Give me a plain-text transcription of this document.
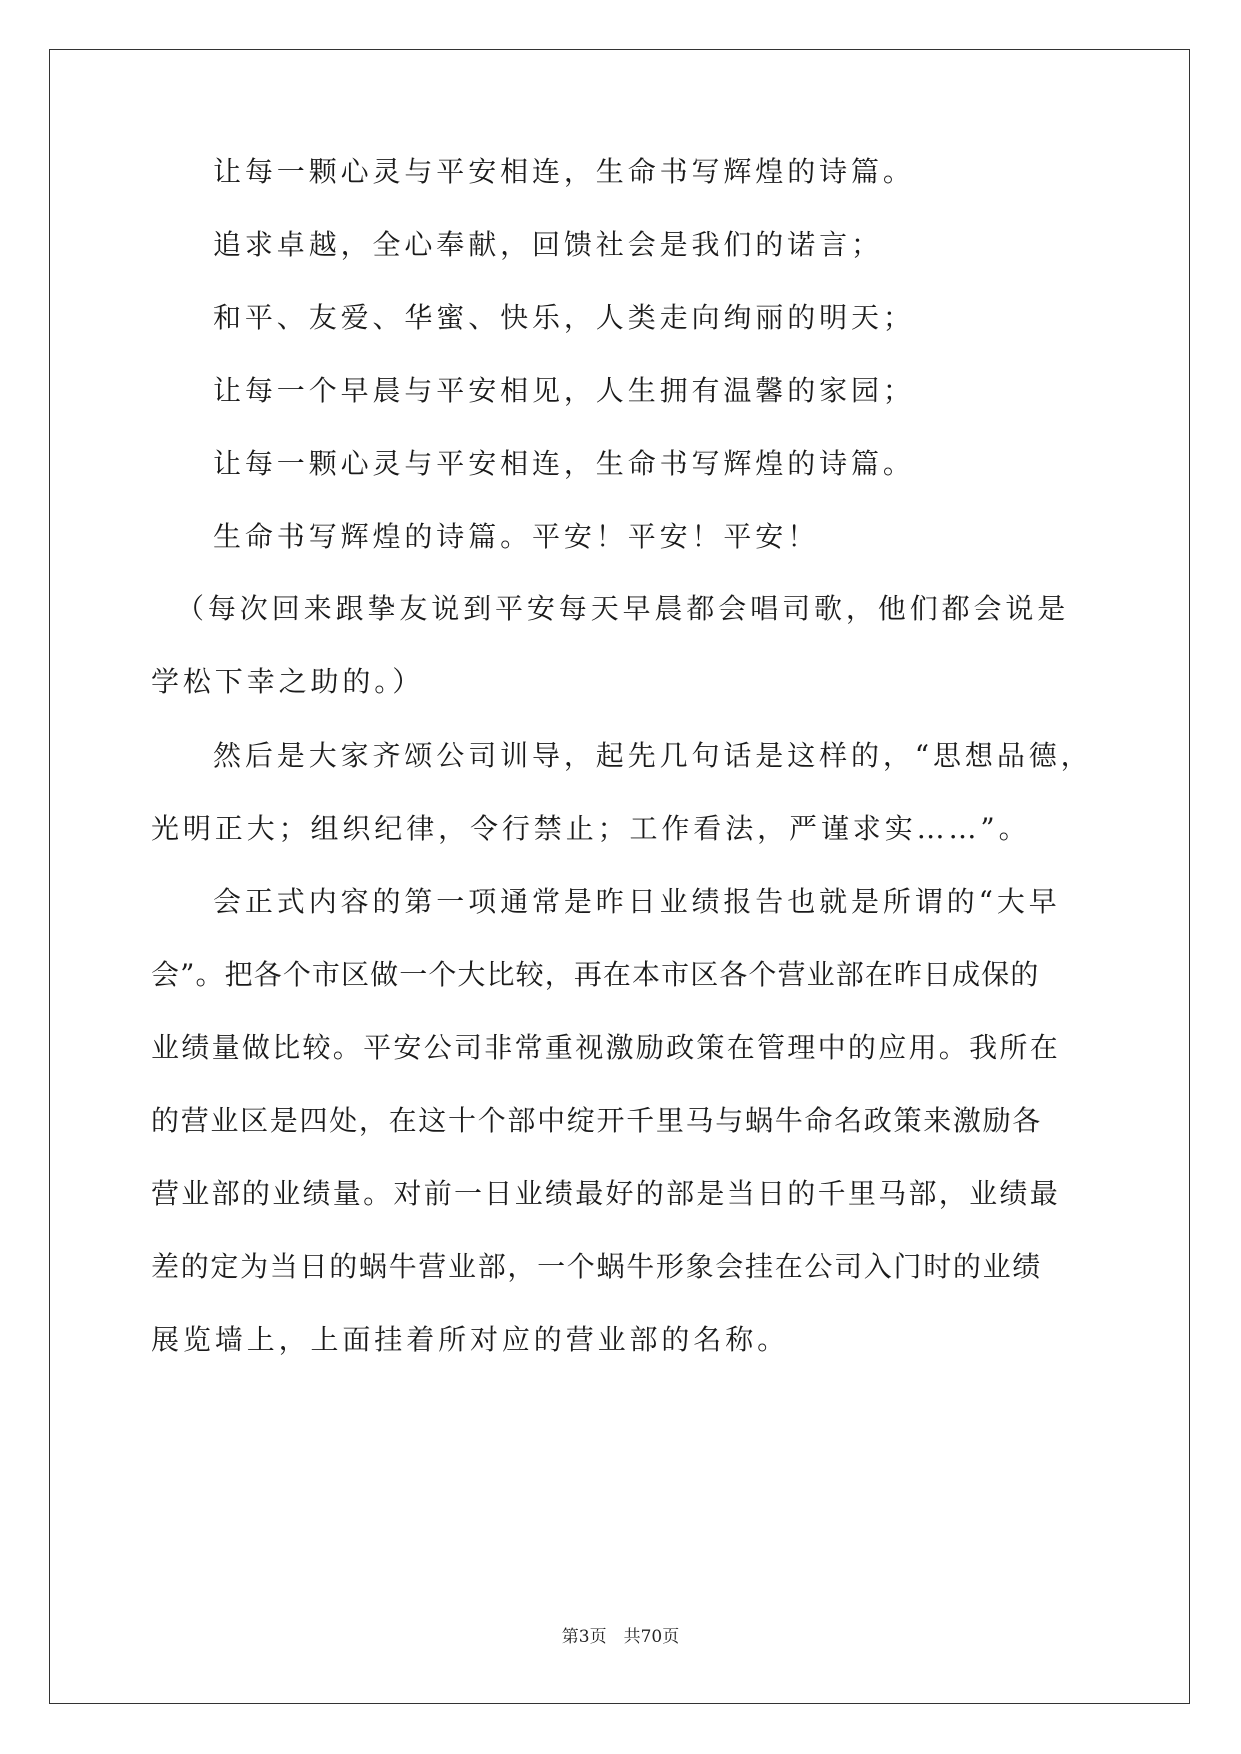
让每一颗心灵与平安相连，生命书写辉煌的诗篇。
追求卓越，全心奉献，回馈社会是我们的诺言；
和平、友爱、华蜜、快乐，人类走向绚丽的明天；
让每一个早晨与平安相见，人生拥有温馨的家园；
让每一颗心灵与平安相连，生命书写辉煌的诗篇。
生命书写辉煌的诗篇。平安！平安！平安！
（每次回来跟挚友说到平安每天早晨都会唱司歌，他们都会说是
学松下幸之助的。）
然后是大家齐颂公司训导，起先几句话是这样的，“思想品德，
光明正大；组织纪律，令行禁止；工作看法，严谨求实……”。
会正式内容的第一项通常是昨日业绩报告也就是所谓的“大早
会”。把各个市区做一个大比较，再在本市区各个营业部在昨日成保的
业绩量做比较。平安公司非常重视激励政策在管理中的应用。我所在
的营业区是四处，在这十个部中绽开千里马与蜗牛命名政策来激励各
营业部的业绩量。对前一日业绩最好的部是当日的千里马部，业绩最
差的定为当日的蜗牛营业部，一个蜗牛形象会挂在公司入门时的业绩
展览墙上，上面挂着所对应的营业部的名称。
第3页　共70页
